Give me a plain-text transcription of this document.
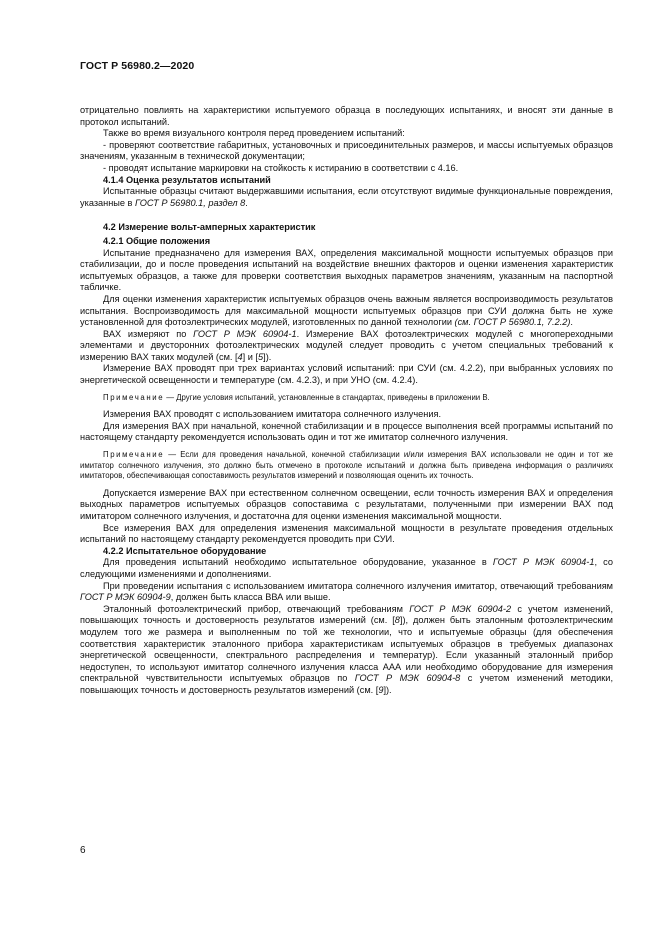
ГОСТ Р 56980.2—2020

отрицательно повлиять на характеристики испытуемого образца в последующих испытаниях, и вносят эти данные в протокол испытаний.

Также во время визуального контроля перед проведением испытаний:

- проверяют соответствие габаритных, установочных и присоединительных размеров, и массы испытуемых образцов значениям, указанным в технической документации;

- проводят испытание маркировки на стойкость к истиранию в соответствии с 4.16.

4.1.4 Оценка результатов испытаний

Испытанные образцы считают выдержавшими испытания, если отсутствуют видимые функциональные повреждения, указанные в ГОСТ Р 56980.1, раздел 8.

4.2 Измерение вольт-амперных характеристик

4.2.1 Общие положения

Испытание предназначено для измерения ВАХ, определения максимальной мощности испытуемых образцов при стабилизации, до и после проведения испытаний на воздействие внешних факторов и оценки изменения характеристик испытуемых образцов, а также для проверки соответствия выходных параметров значениям, указанным на паспортной табличке.

Для оценки изменения характеристик испытуемых образцов очень важным является воспроизводимость результатов испытания. Воспроизводимость для максимальной мощности испытуемых образцов при СУИ должна быть не хуже установленной для фотоэлектрических модулей, изготовленных по данной технологии (см. ГОСТ Р 56980.1, 7.2.2).

ВАХ измеряют по ГОСТ Р МЭК 60904-1. Измерение ВАХ фотоэлектрических модулей с многопереходными элементами и двусторонних фотоэлектрических модулей следует проводить с учетом специальных требований к измерению ВАХ таких модулей (см. [4] и [5]).

Измерение ВАХ проводят при трех вариантах условий испытаний: при СУИ (см. 4.2.2), при выбранных условиях по энергетической освещенности и температуре (см. 4.2.3), и при УНО (см. 4.2.4).

Примечание — Другие условия испытаний, установленные в стандартах, приведены в приложении В.

Измерения ВАХ проводят с использованием имитатора солнечного излучения.

Для измерения ВАХ при начальной, конечной стабилизации и в процессе выполнения всей программы испытаний по настоящему стандарту рекомендуется использовать один и тот же имитатор солнечного излучения.

Примечание — Если для проведения начальной, конечной стабилизации и/или измерения ВАХ использовали не один и тот же имитатор солнечного излучения, это должно быть отмечено в протоколе испытаний и должна быть приведена информация о различиях имитаторов, обеспечивающая сопоставимость результатов измерений и позволяющая оценить их точность.

Допускается измерение ВАХ при естественном солнечном освещении, если точность измерения ВАХ и определения выходных параметров испытуемых образцов сопоставима с результатами, полученными при измерении ВАХ под имитатором солнечного излучения, и достаточна для оценки изменения максимальной мощности.

Все измерения ВАХ для определения изменения максимальной мощности в результате проведения отдельных испытаний по настоящему стандарту рекомендуется проводить при СУИ.

4.2.2 Испытательное оборудование

Для проведения испытаний необходимо испытательное оборудование, указанное в ГОСТ Р МЭК 60904-1, со следующими изменениями и дополнениями.

При проведении испытания с использованием имитатора солнечного излучения имитатор, отвечающий требованиям ГОСТ Р МЭК 60904-9, должен быть класса ВВА или выше.

Эталонный фотоэлектрический прибор, отвечающий требованиям ГОСТ Р МЭК 60904-2 с учетом изменений, повышающих точность и достоверность результатов измерений (см. [8]), должен быть эталонным фотоэлектрическим модулем того же размера и выполненным по той же технологии, что и испытуемые образцы (для обеспечения соответствия характеристик эталонного прибора характеристикам испытуемых образцов в требуемых диапазонах энергетической освещенности, спектрального распределения и температур). Если указанный эталонный прибор недоступен, то используют имитатор солнечного излучения класса ААА или необходимо оборудование для измерения спектральной чувствительности испытуемых образцов по ГОСТ Р МЭК 60904-8 с учетом изменений методики, повышающих точность и достоверность результатов измерений (см. [9]).

6
